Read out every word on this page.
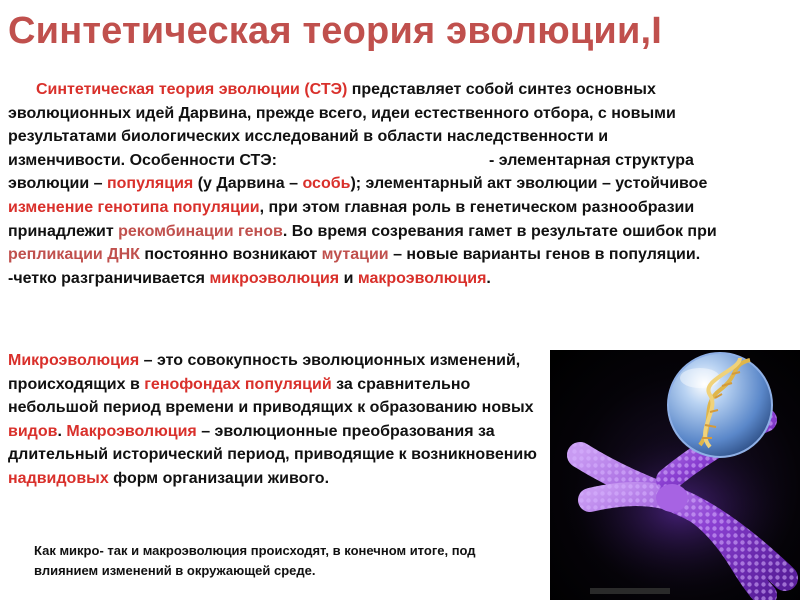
Синтетическая теория эволюции,I

Синтетическая теория эволюции (СТЭ) представляет собой синтез основных эволюционных идей Дарвина, прежде всего, идеи естественного отбора, с новыми результатами биологических исследований в области наследственности и изменчивости. Особенности СТЭ:	- элементарная структура эволюции – популяция (у Дарвина – особь); элементарный акт эволюции – устойчивое изменение генотипа популяции, при этом главная роль в генетическом разнообразии принадлежит рекомбинации генов. Во время созревания гамет в результате ошибок при репликации ДНК постоянно возникают мутации – новые варианты генов в популяции.
-четко разграничивается микроэволюция и макроэволюция.

Микроэволюция – это совокупность эволюционных изменений, происходящих в генофондах популяций за сравнительно небольшой период времени и приводящих к образованию новых видов. Макроэволюция – эволюционные преобразования за длительный исторический период, приводящие к возникновению надвидовых форм организации живого.

Как микро- так и макроэволюция происходят, в конечном итоге, под
влиянием изменений в окружающей среде.
